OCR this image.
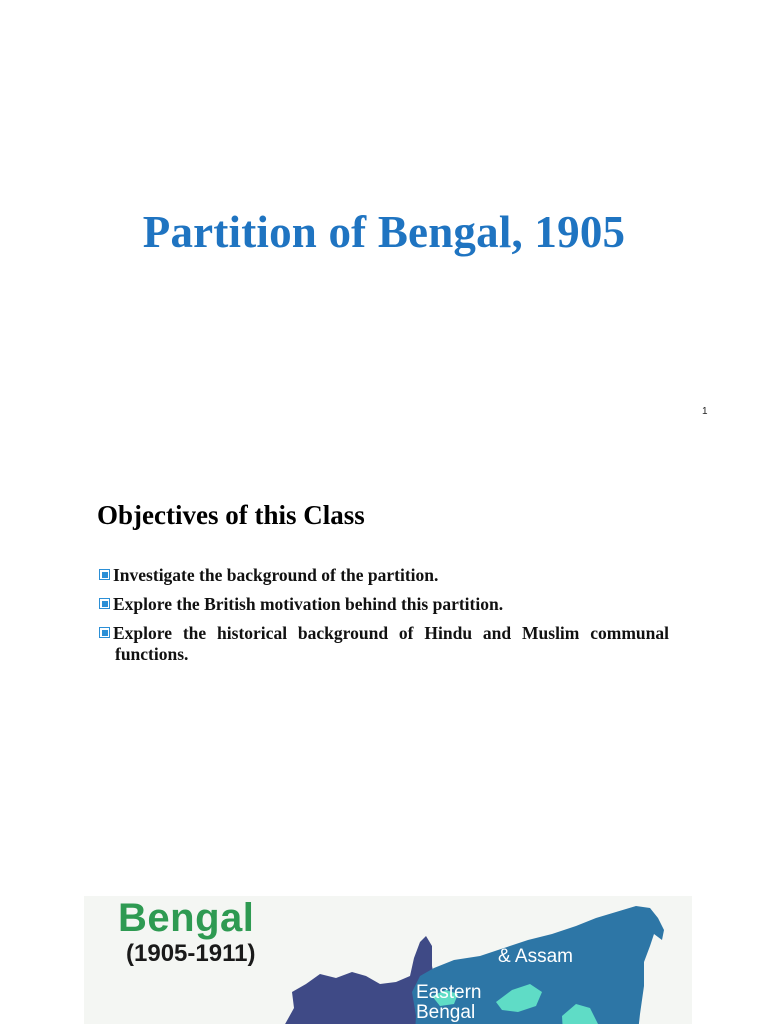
Partition of Bengal, 1905
1
Objectives of this Class
Investigate the background of the partition.
Explore the British motivation behind this partition.
Explore the historical background of Hindu and Muslim communal functions.
Bengal
(1905-1911)	& Assam
Eastern
Bengal
